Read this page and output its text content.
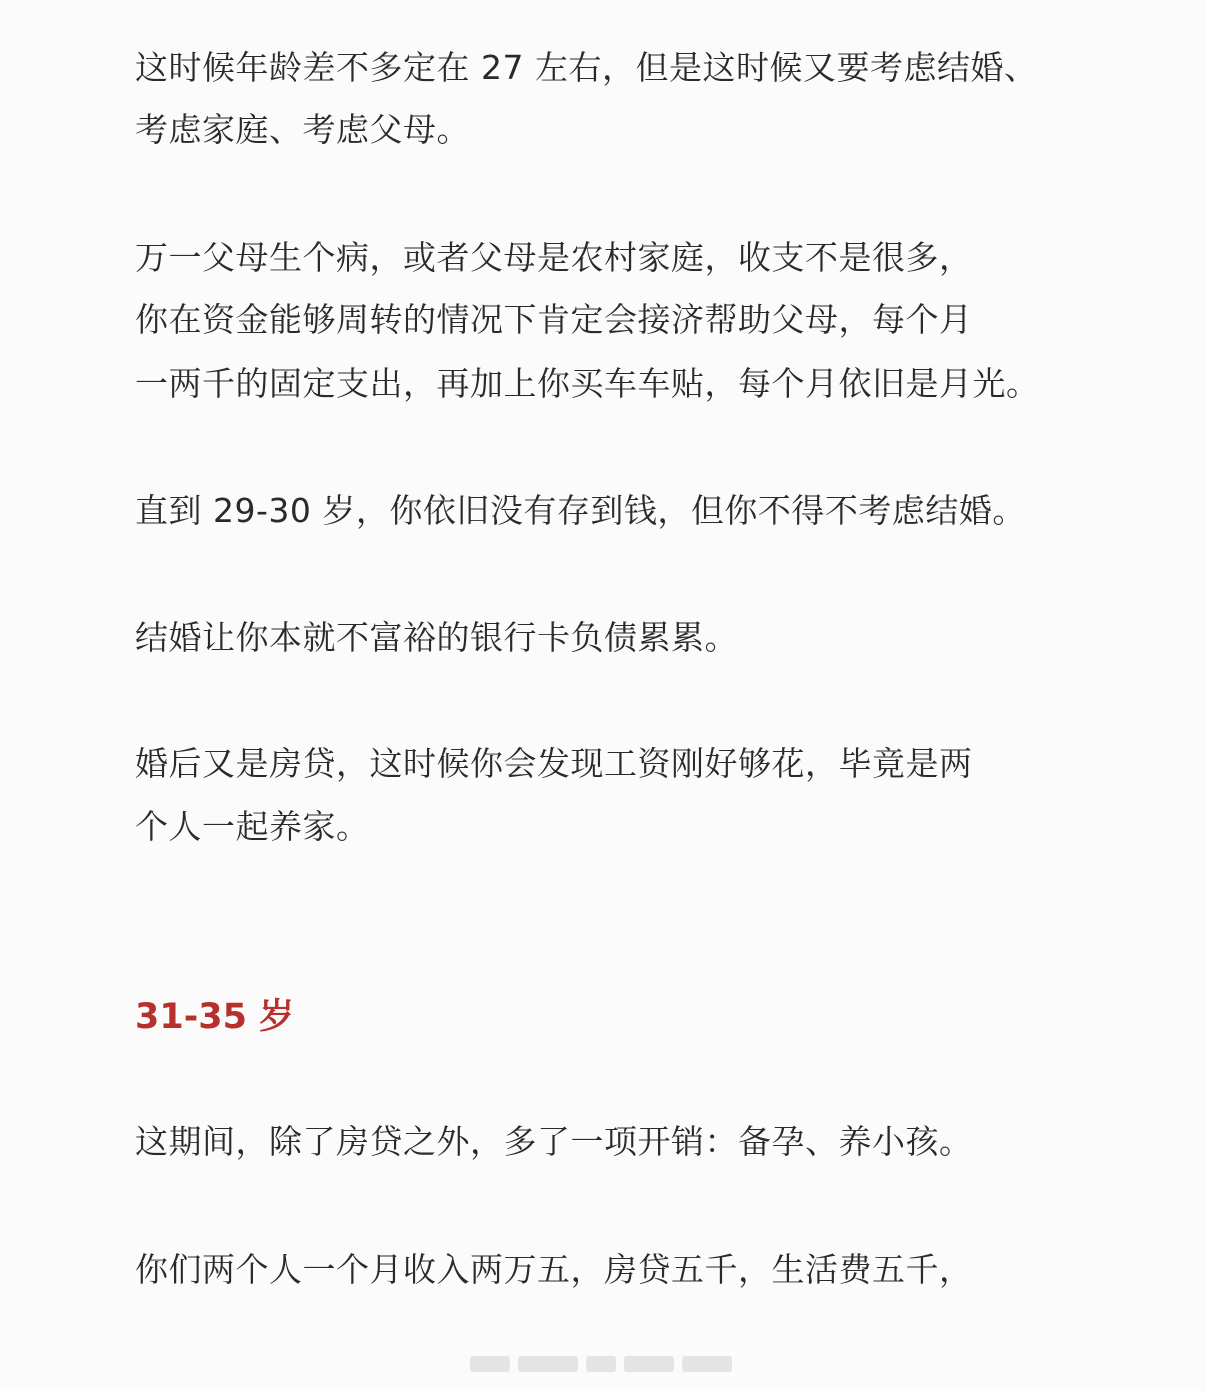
这时候年龄差不多定在 27 左右，但是这时候又要考虑结婚、
考虑家庭、考虑父母。
万一父母生个病，或者父母是农村家庭，收支不是很多，
你在资金能够周转的情况下肯定会接济帮助父母，每个月
一两千的固定支出，再加上你买车车贴，每个月依旧是月光。
直到 29-30 岁，你依旧没有存到钱，但你不得不考虑结婚。
结婚让你本就不富裕的银行卡负债累累。
婚后又是房贷，这时候你会发现工资刚好够花，毕竟是两
个人一起养家。
31-35 岁
这期间，除了房贷之外，多了一项开销：备孕、养小孩。
你们两个人一个月收入两万五，房贷五千，生活费五千，
